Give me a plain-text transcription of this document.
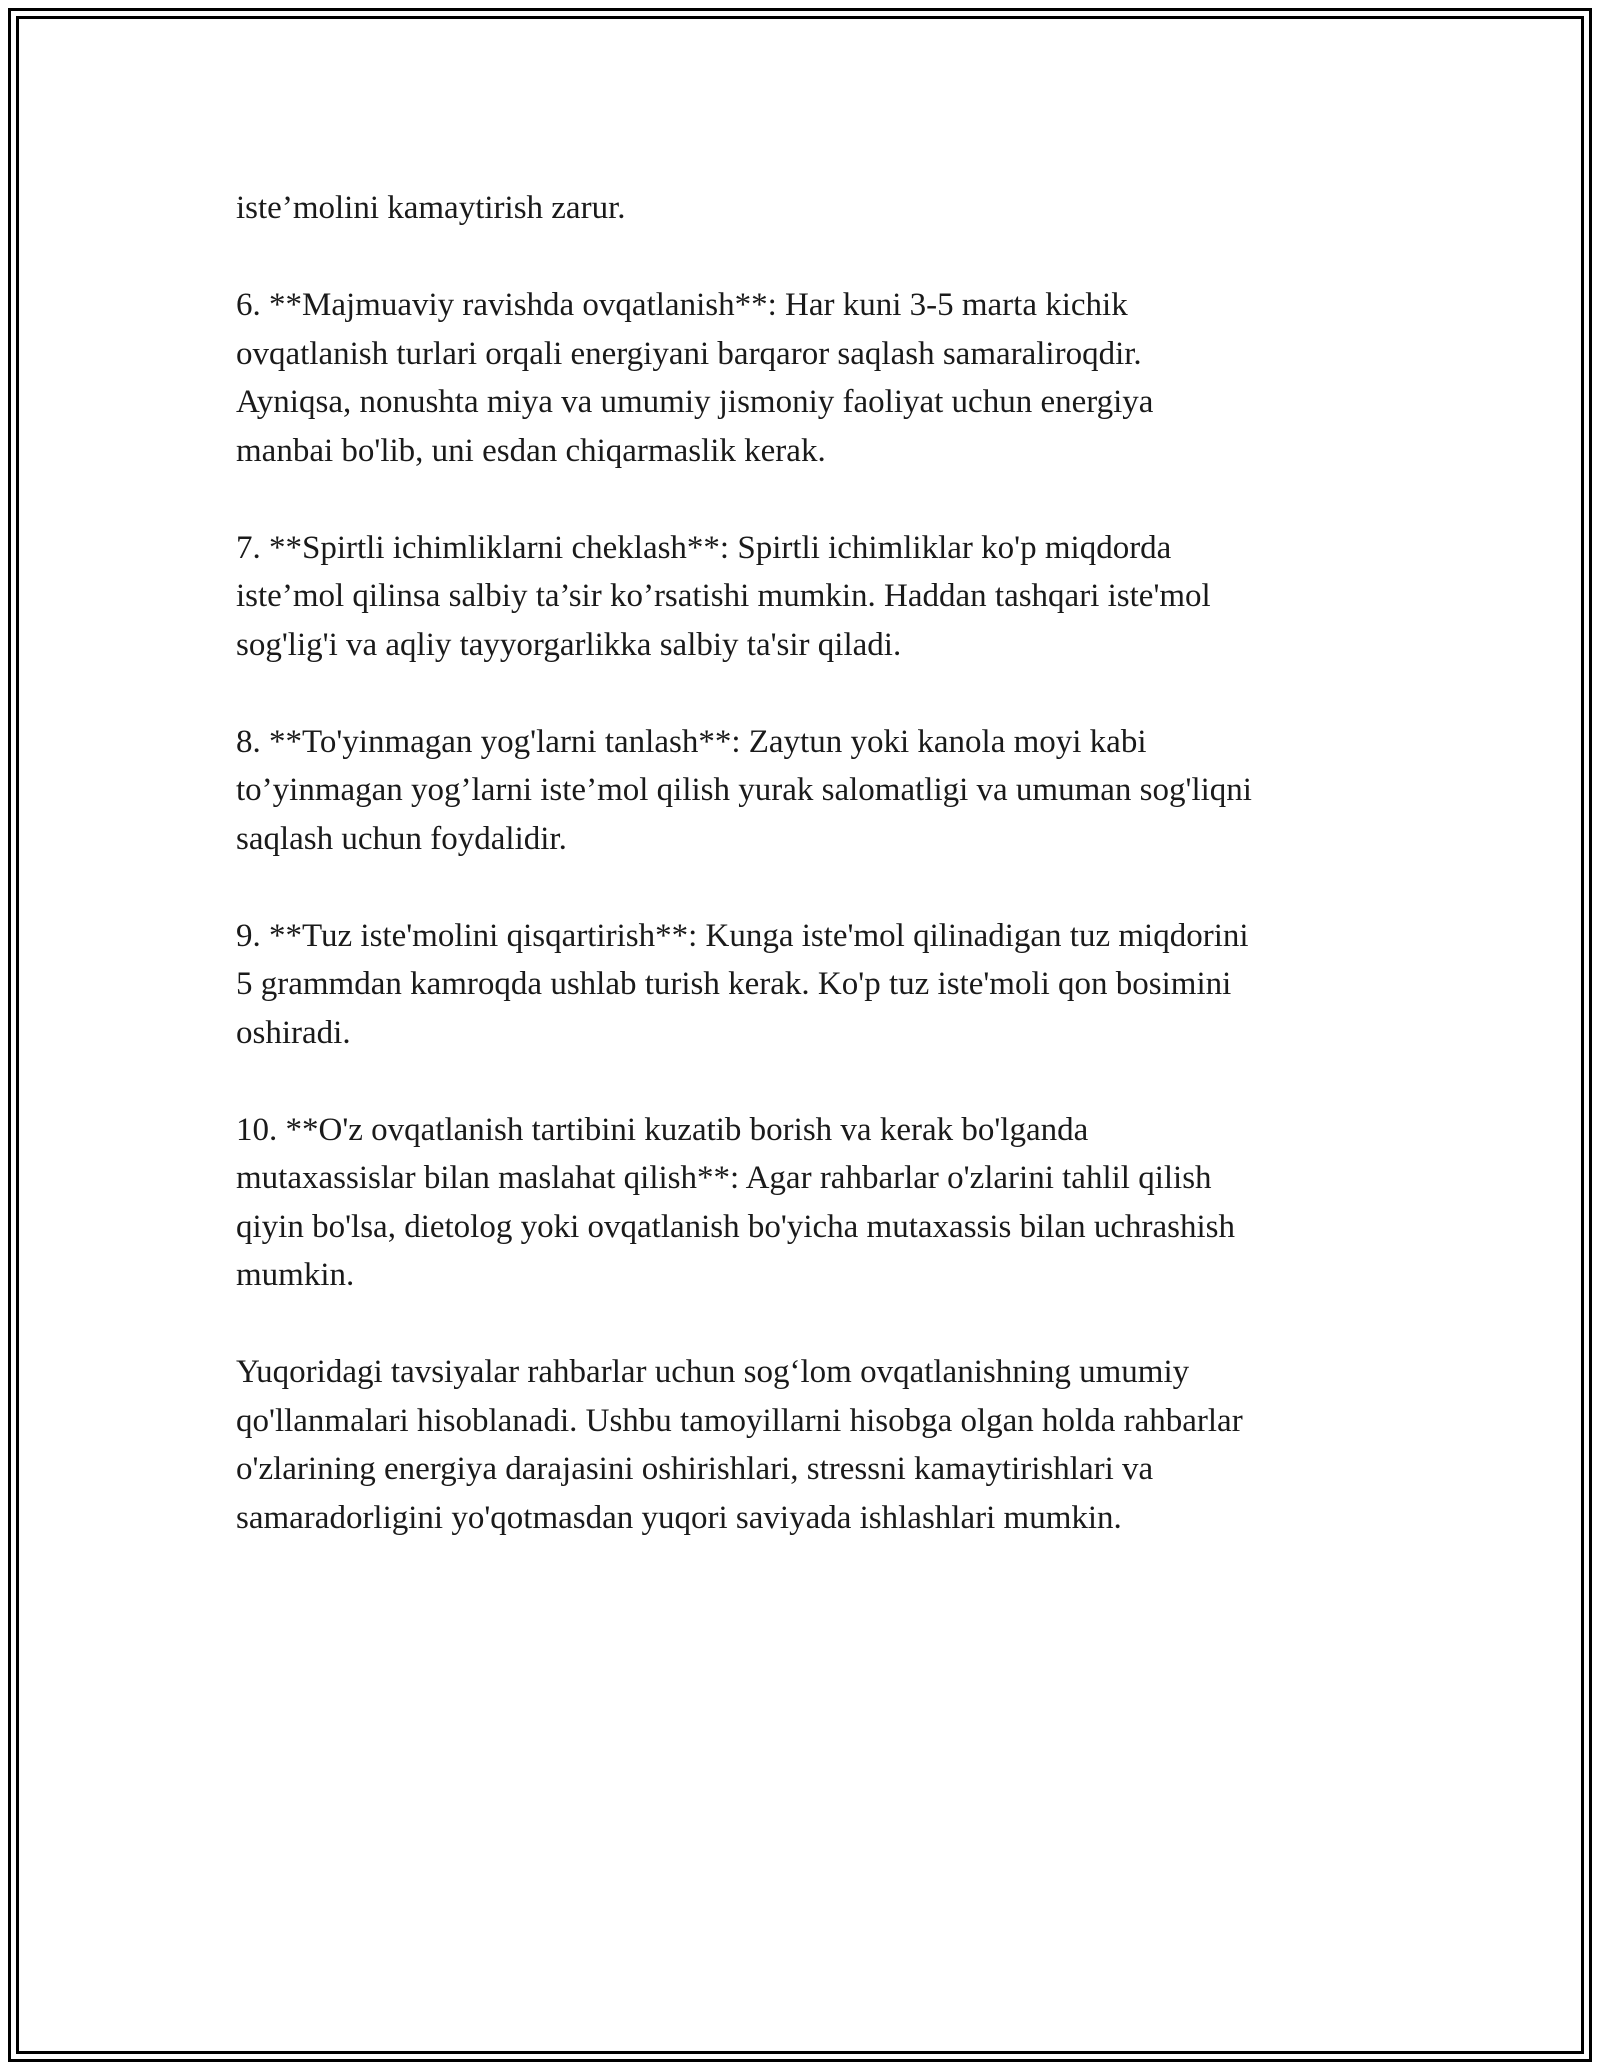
iste’molini kamaytirish zarur.

6. **Majmuaviy ravishda ovqatlanish**: Har kuni 3-5 marta kichik
ovqatlanish turlari orqali energiyani barqaror saqlash samaraliroqdir.
Ayniqsa, nonushta miya va umumiy jismoniy faoliyat uchun energiya
manbai bo'lib, uni esdan chiqarmaslik kerak.

7. **Spirtli ichimliklarni cheklash**: Spirtli ichimliklar ko'p miqdorda
iste’mol qilinsa salbiy ta’sir ko’rsatishi mumkin. Haddan tashqari iste'mol
sog'lig'i va aqliy tayyorgarlikka salbiy ta'sir qiladi.

8. **To'yinmagan yog'larni tanlash**: Zaytun yoki kanola moyi kabi
to’yinmagan yog’larni iste’mol qilish yurak salomatligi va umuman sog'liqni
saqlash uchun foydalidir.

9. **Tuz iste'molini qisqartirish**: Kunga iste'mol qilinadigan tuz miqdorini
5 grammdan kamroqda ushlab turish kerak. Ko'p tuz iste'moli qon bosimini
oshiradi.

10. **O'z ovqatlanish tartibini kuzatib borish va kerak bo'lganda
mutaxassislar bilan maslahat qilish**: Agar rahbarlar o'zlarini tahlil qilish
qiyin bo'lsa, dietolog yoki ovqatlanish bo'yicha mutaxassis bilan uchrashish
mumkin.

Yuqoridagi tavsiyalar rahbarlar uchun sog‘lom ovqatlanishning umumiy
qo'llanmalari hisoblanadi. Ushbu tamoyillarni hisobga olgan holda rahbarlar
o'zlarining energiya darajasini oshirishlari, stressni kamaytirishlari va
samaradorligini yo'qotmasdan yuqori saviyada ishlashlari mumkin.
